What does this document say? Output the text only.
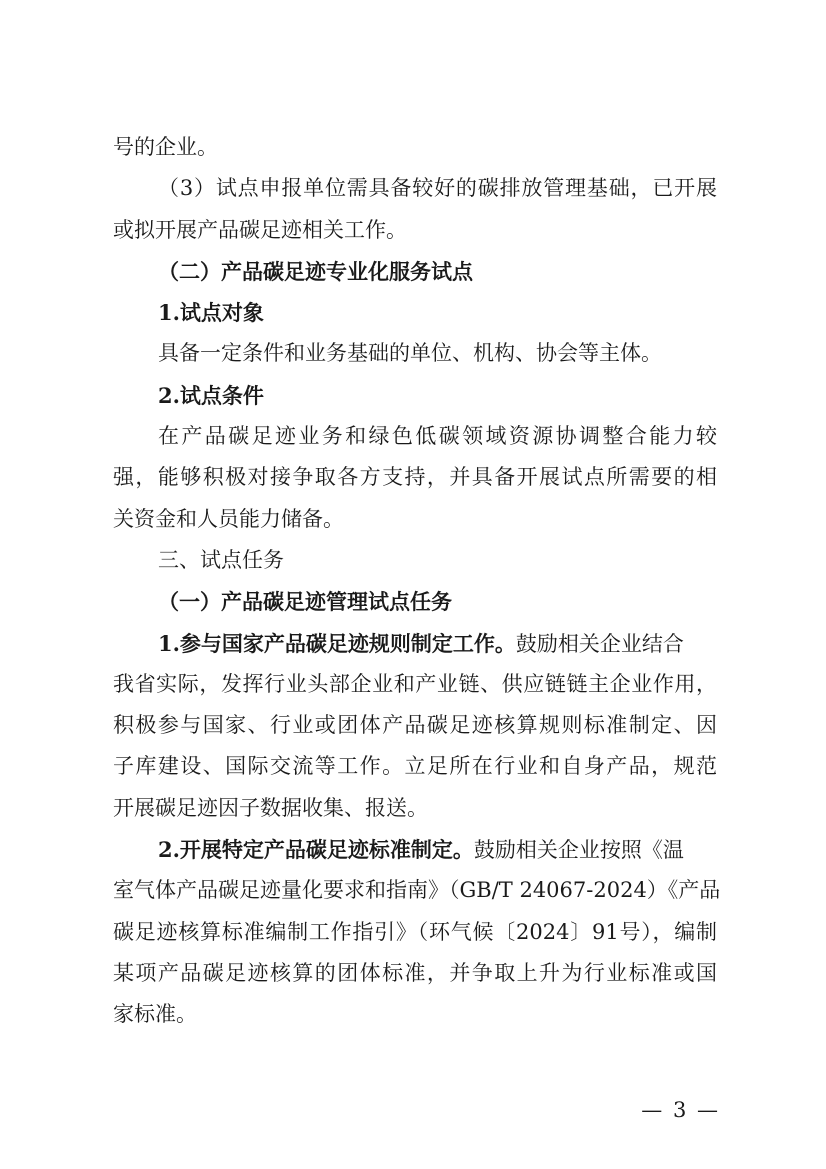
号的企业。
（3）试点申报单位需具备较好的碳排放管理基础，已开展
或拟开展产品碳足迹相关工作。
（二）产品碳足迹专业化服务试点
1.试点对象
具备一定条件和业务基础的单位、机构、协会等主体。
2.试点条件
在产品碳足迹业务和绿色低碳领域资源协调整合能力较
强，能够积极对接争取各方支持，并具备开展试点所需要的相
关资金和人员能力储备。
三、试点任务
（一）产品碳足迹管理试点任务
1.参与国家产品碳足迹规则制定工作。鼓励相关企业结合
我省实际，发挥行业头部企业和产业链、供应链链主企业作用，
积极参与国家、行业或团体产品碳足迹核算规则标准制定、因
子库建设、国际交流等工作。立足所在行业和自身产品，规范
开展碳足迹因子数据收集、报送。
2.开展特定产品碳足迹标准制定。鼓励相关企业按照《温
室气体产品碳足迹量化要求和指南》（GB/T 24067-2024）《产品
碳足迹核算标准编制工作指引》（环气候〔2024〕91号），编制
某项产品碳足迹核算的团体标准，并争取上升为行业标准或国
家标准。
— 3 —
